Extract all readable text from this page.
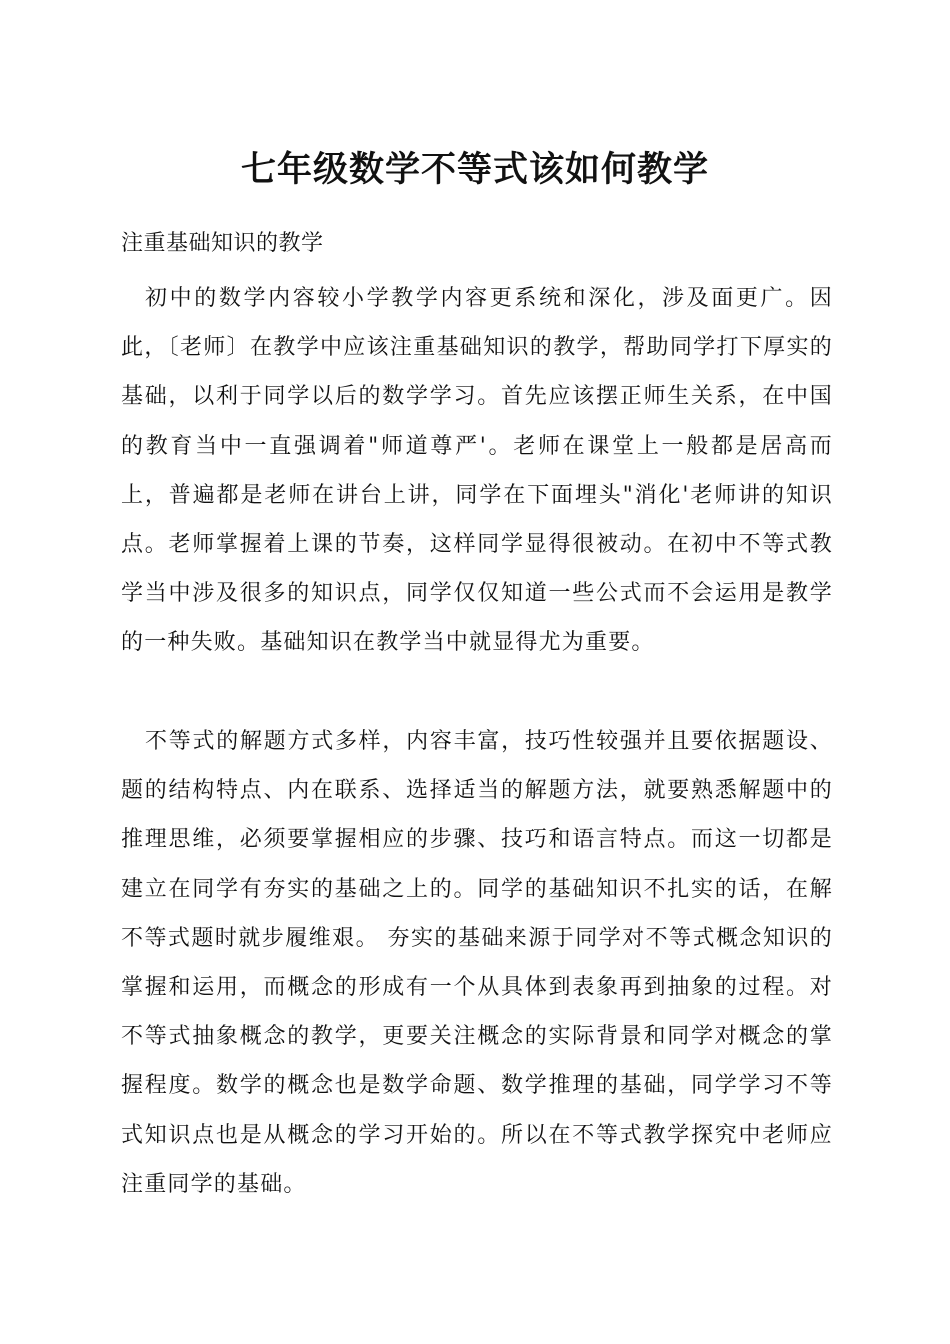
七年级数学不等式该如何教学

注重基础知识的教学

初中的数学内容较小学教学内容更系统和深化，涉及面更广。因此，〔老师〕在教学中应该注重基础知识的教学，帮助同学打下厚实的基础，以利于同学以后的数学学习。首先应该摆正师生关系，在中国的教育当中一直强调着"师道尊严'。老师在课堂上一般都是居高而上，普遍都是老师在讲台上讲，同学在下面埋头"消化'老师讲的知识点。老师掌握着上课的节奏，这样同学显得很被动。在初中不等式教学当中涉及很多的知识点，同学仅仅知道一些公式而不会运用是教学的一种失败。基础知识在教学当中就显得尤为重要。

不等式的解题方式多样，内容丰富，技巧性较强并且要依据题设、题的结构特点、内在联系、选择适当的解题方法，就要熟悉解题中的推理思维，必须要掌握相应的步骤、技巧和语言特点。而这一切都是建立在同学有夯实的基础之上的。同学的基础知识不扎实的话，在解不等式题时就步履维艰。 夯实的基础来源于同学对不等式概念知识的掌握和运用，而概念的形成有一个从具体到表象再到抽象的过程。对不等式抽象概念的教学，更要关注概念的实际背景和同学对概念的掌握程度。数学的概念也是数学命题、数学推理的基础，同学学习不等式知识点也是从概念的学习开始的。所以在不等式教学探究中老师应注重同学的基础。
